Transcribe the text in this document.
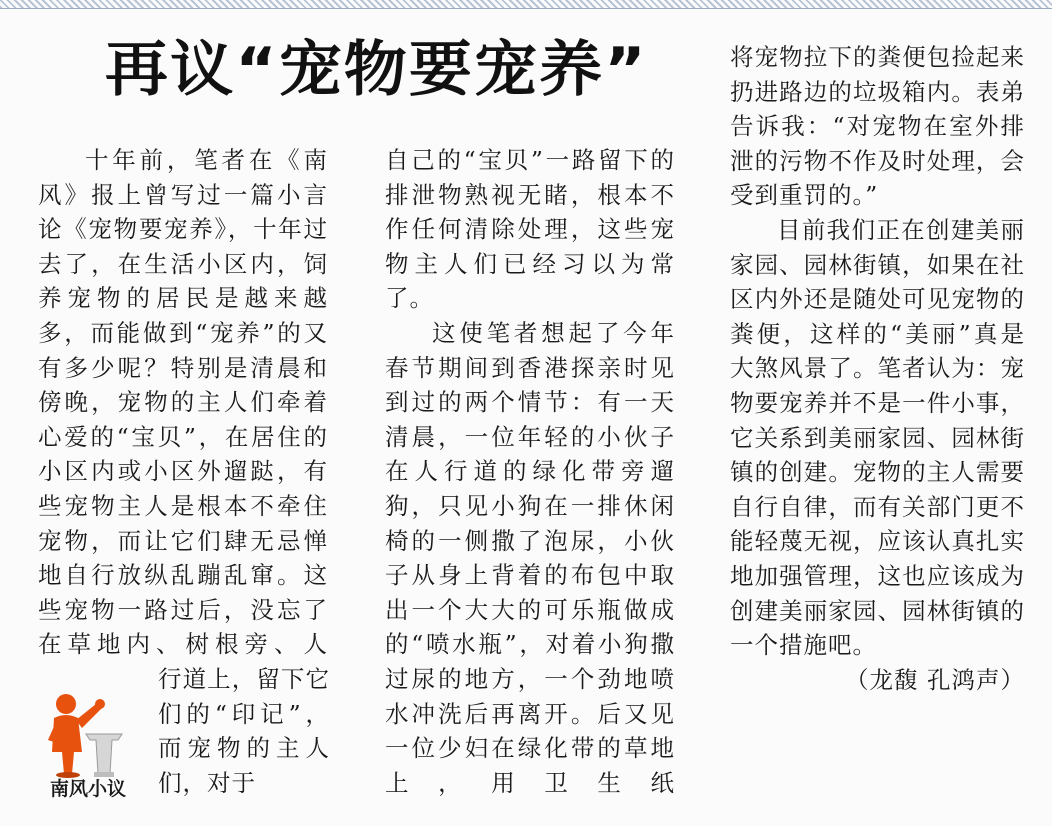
再议“宠物要宠养”

十年前，笔者在《南风》报上曾写过一篇小言论《宠物要宠养》，十年过去了，在生活小区内，饲养宠物的居民是越来越多，而能做到“宠养”的又有多少呢？特别是清晨和傍晚，宠物的主人们牵着心爱的“宝贝”，在居住的小区内或小区外遛跶，有些宠物主人是根本不牵住宠物，而让它们肆无忌惮地自行放纵乱蹦乱窜。这些宠物一路过后，没忘了在草地内、树根旁、人

行道上，留下它们的“印记”，而宠物的主人们，对于

南风小议

自己的“宝贝”一路留下的排泄物熟视无睹，根本不作任何清除处理，这些宠物主人们已经习以为常了。

这使笔者想起了今年春节期间到香港探亲时见到过的两个情节：有一天清晨，一位年轻的小伙子在人行道的绿化带旁遛狗，只见小狗在一排休闲椅的一侧撒了泡尿，小伙子从身上背着的布包中取出一个大大的可乐瓶做成的“喷水瓶”，对着小狗撒过尿的地方，一个劲地喷水冲洗后再离开。后又见一位少妇在绿化带的草地上，用卫生纸

将宠物拉下的粪便包捡起来扔进路边的垃圾箱内。表弟告诉我：“对宠物在室外排泄的污物不作及时处理，会受到重罚的。”

目前我们正在创建美丽家园、园林街镇，如果在社区内外还是随处可见宠物的粪便，这样的“美丽”真是大煞风景了。笔者认为：宠物要宠养并不是一件小事，它关系到美丽家园、园林街镇的创建。宠物的主人需要自行自律，而有关部门更不能轻蔑无视，应该认真扎实地加强管理，这也应该成为创建美丽家园、园林街镇的一个措施吧。

（龙馥 孔鸿声）
